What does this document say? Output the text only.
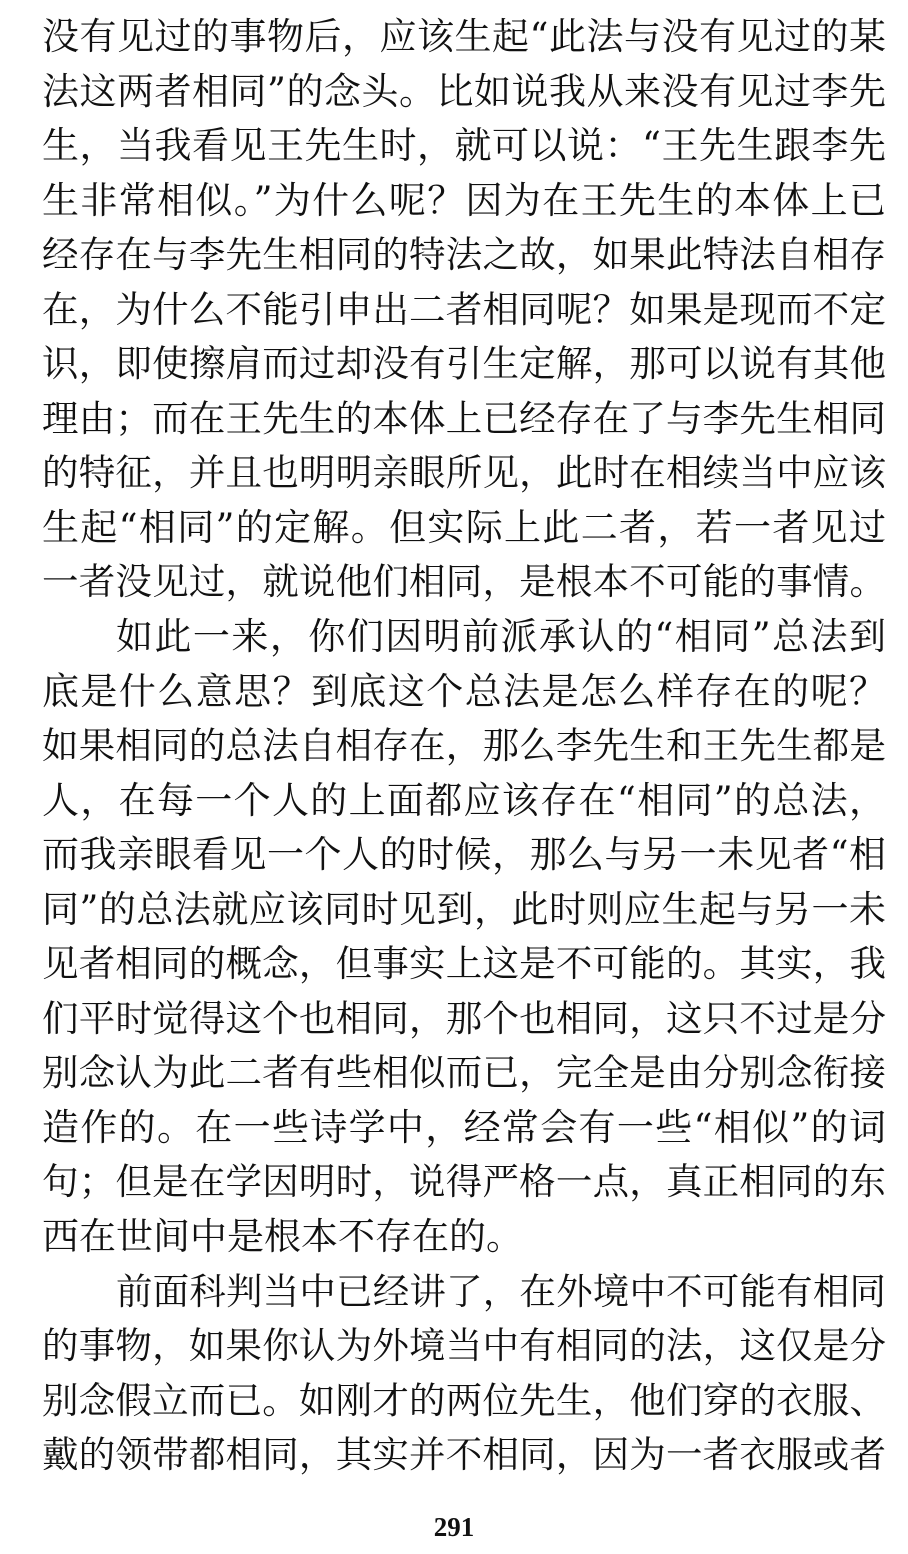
没有见过的事物后，应该生起“此法与没有见过的某
法这两者相同”的念头。比如说我从来没有见过李先
生，当我看见王先生时，就可以说：“王先生跟李先
生非常相似。”为什么呢？因为在王先生的本体上已
经存在与李先生相同的特法之故，如果此特法自相存
在，为什么不能引申出二者相同呢？如果是现而不定
识，即使擦肩而过却没有引生定解，那可以说有其他
理由；而在王先生的本体上已经存在了与李先生相同
的特征，并且也明明亲眼所见，此时在相续当中应该
生起“相同”的定解。但实际上此二者，若一者见过
一者没见过，就说他们相同，是根本不可能的事情。
如此一来，你们因明前派承认的“相同”总法到
底是什么意思？到底这个总法是怎么样存在的呢？
如果相同的总法自相存在，那么李先生和王先生都是
人，在每一个人的上面都应该存在“相同”的总法，
而我亲眼看见一个人的时候，那么与另一未见者“相
同”的总法就应该同时见到，此时则应生起与另一未
见者相同的概念，但事实上这是不可能的。其实，我
们平时觉得这个也相同，那个也相同，这只不过是分
别念认为此二者有些相似而已，完全是由分别念衔接
造作的。在一些诗学中，经常会有一些“相似”的词
句；但是在学因明时，说得严格一点，真正相同的东
西在世间中是根本不存在的。
前面科判当中已经讲了，在外境中不可能有相同
的事物，如果你认为外境当中有相同的法，这仅是分
别念假立而已。如刚才的两位先生，他们穿的衣服、
戴的领带都相同，其实并不相同，因为一者衣服或者
291
